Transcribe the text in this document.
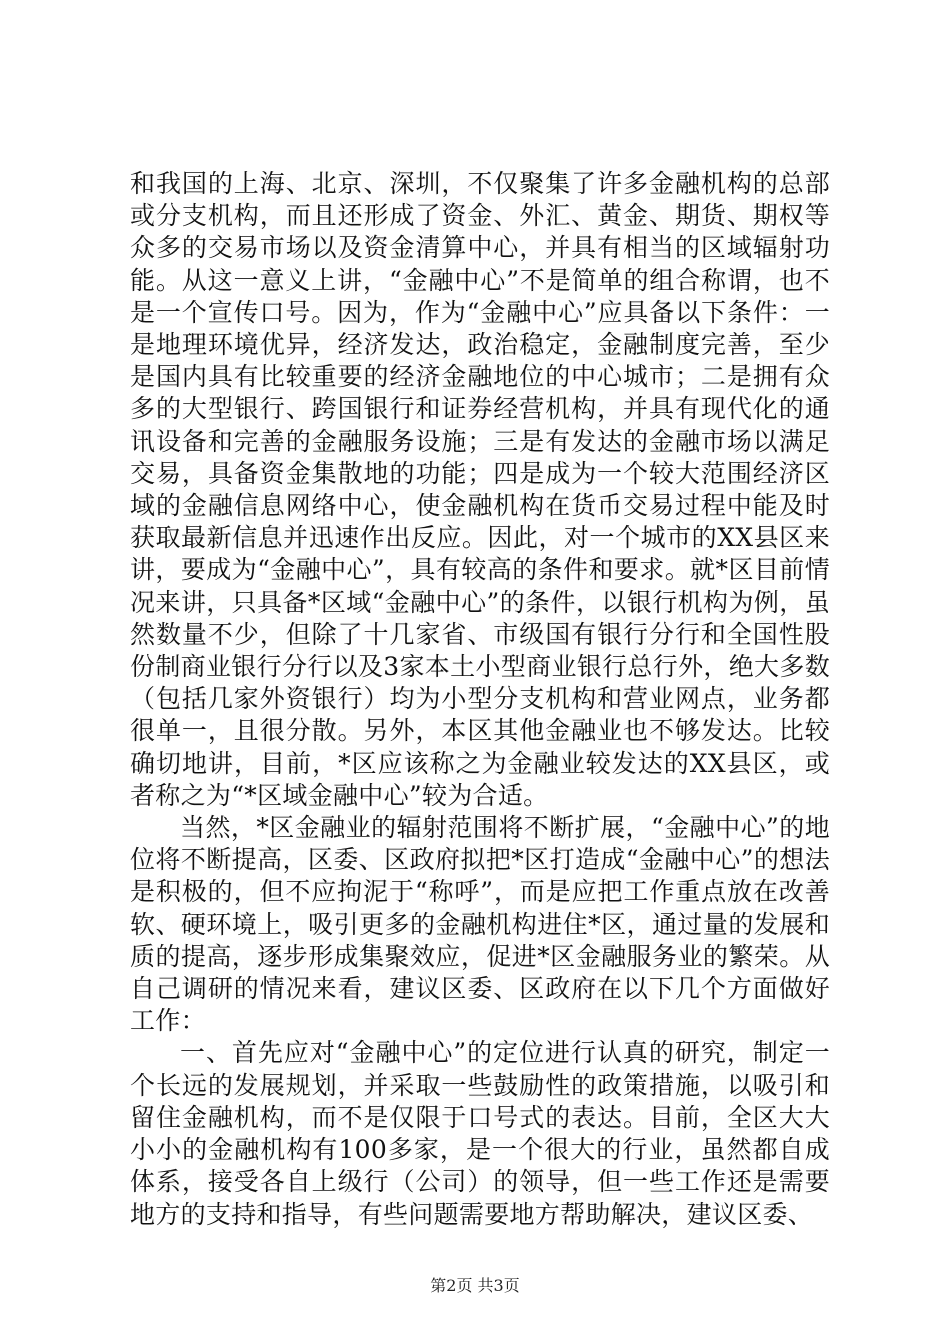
和我国的上海、北京、深圳，不仅聚集了许多金融机构的总部或分支机构，而且还形成了资金、外汇、黄金、期货、期权等众多的交易市场以及资金清算中心，并具有相当的区域辐射功能。从这一意义上讲，“金融中心”不是简单的组合称谓，也不是一个宣传口号。因为，作为“金融中心”应具备以下条件：一是地理环境优异，经济发达，政治稳定，金融制度完善，至少是国内具有比较重要的经济金融地位的中心城市；二是拥有众多的大型银行、跨国银行和证券经营机构，并具有现代化的通讯设备和完善的金融服务设施；三是有发达的金融市场以满足交易，具备资金集散地的功能；四是成为一个较大范围经济区域的金融信息网络中心，使金融机构在货币交易过程中能及时获取最新信息并迅速作出反应。因此，对一个城市的XX县区来讲，要成为“金融中心”，具有较高的条件和要求。就*区目前情况来讲，只具备*区域“金融中心”的条件，以银行机构为例，虽然数量不少，但除了十几家省、市级国有银行分行和全国性股份制商业银行分行以及3家本土小型商业银行总行外，绝大多数（包括几家外资银行）均为小型分支机构和营业网点，业务都很单一，且很分散。另外，本区其他金融业也不够发达。比较确切地讲，目前，*区应该称之为金融业较发达的XX县区，或者称之为“*区域金融中心”较为合适。

当然，*区金融业的辐射范围将不断扩展，“金融中心”的地位将不断提高，区委、区政府拟把*区打造成“金融中心”的想法是积极的，但不应拘泥于“称呼”，而是应把工作重点放在改善软、硬环境上，吸引更多的金融机构进住*区，通过量的发展和质的提高，逐步形成集聚效应，促进*区金融服务业的繁荣。从自己调研的情况来看，建议区委、区政府在以下几个方面做好工作：

一、首先应对“金融中心”的定位进行认真的研究，制定一个长远的发展规划，并采取一些鼓励性的政策措施，以吸引和留住金融机构，而不是仅限于口号式的表达。目前，全区大大小小的金融机构有100多家，是一个很大的行业，虽然都自成体系，接受各自上级行（公司）的领导，但一些工作还是需要地方的支持和指导，有些问题需要地方帮助解决，建议区委、

第2页 共3页
